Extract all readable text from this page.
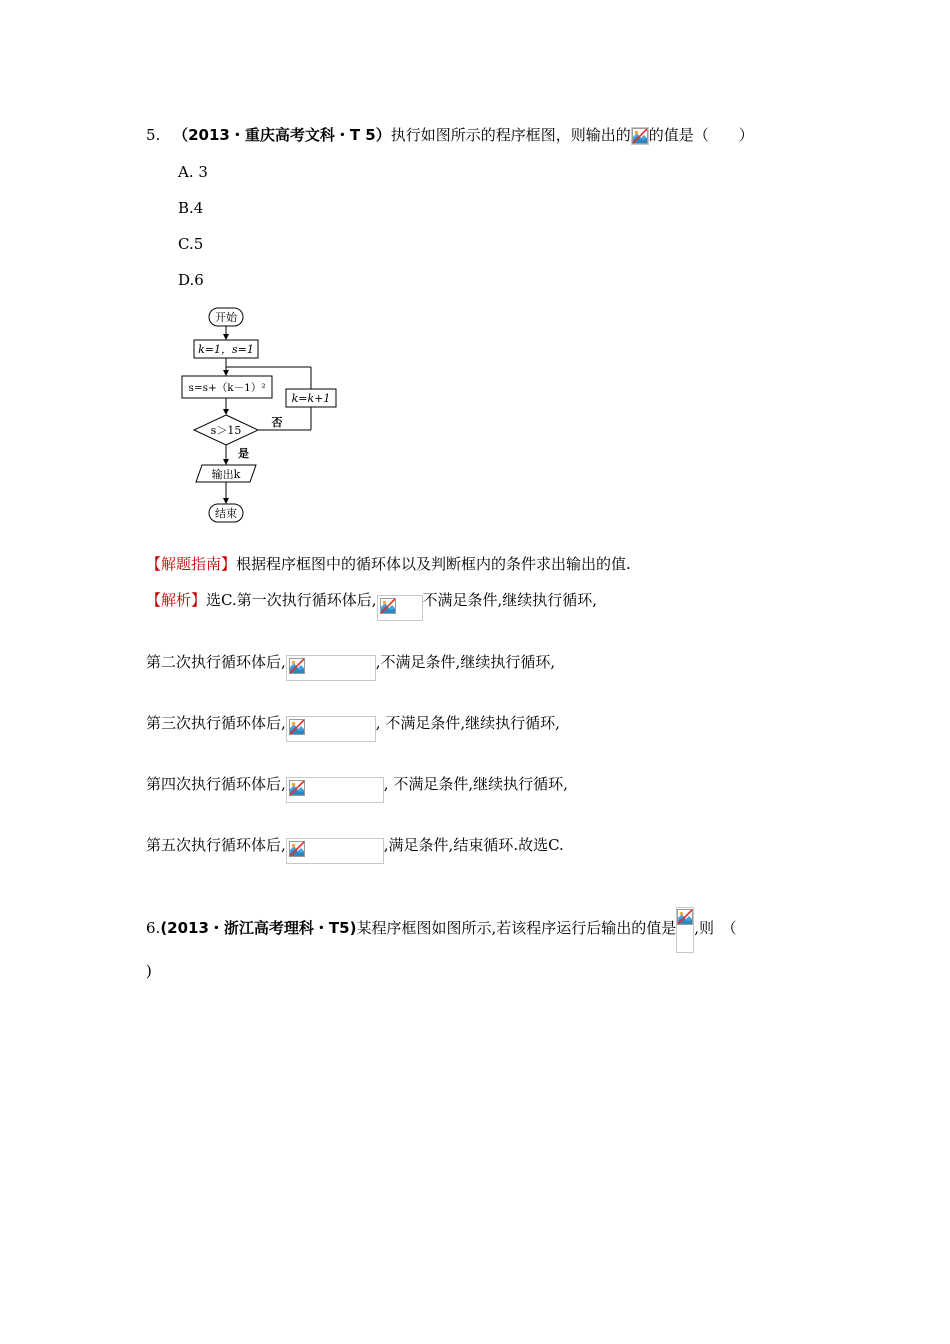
5. （2013・重庆高考文科・T 5）执行如图所示的程序框图，则输出的 的值是（　　）
A. 3
B.4
C.5
D.6
开始
k=1，s=1
s=s+（k－1）²
k=k+1
s＞15
否
是
输出k
结束
【解题指南】根据程序框图中的循环体以及判断框内的条件求出输出的值.
【解析】选C.第一次执行循环体后,	不满足条件,继续执行循环,
第二次执行循环体后,	,不满足条件,继续执行循环,
第三次执行循环体后,	, 不满足条件,继续执行循环,
第四次执行循环体后,	, 不满足条件,继续执行循环,
第五次执行循环体后,	,满足条件,结束循环.故选C.
6.(2013・浙江高考理科・T5)某程序框图如图所示,若该程序运行后输出的值是 ,则　（
)
